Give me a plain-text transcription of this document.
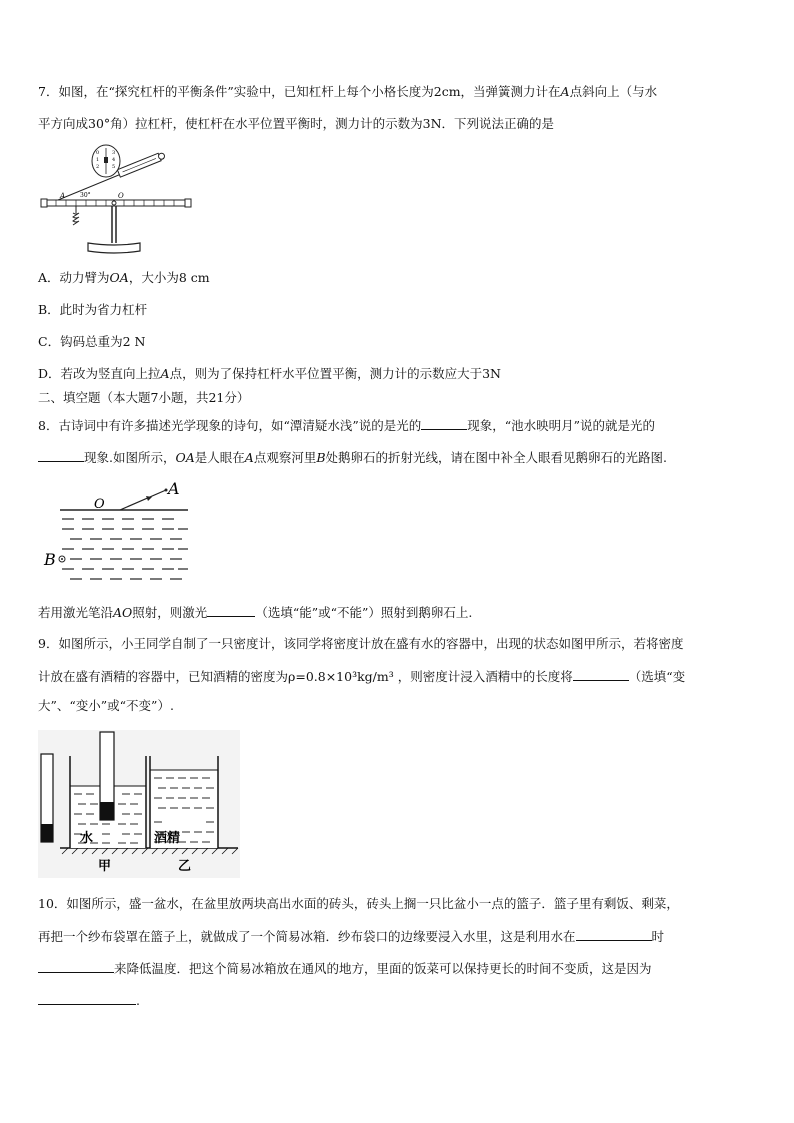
7．如图，在“探究杠杆的平衡条件”实验中，已知杠杆上每个小格长度为2cm，当弹簧测力计在A点斜向上（与水
平方向成30°角）拉杠杆，使杠杆在水平位置平衡时，测力计的示数为3N．下列说法正确的是
0
1
2
3
4
5
A	O
30°
A．动力臂为OA，大小为8 cm
B．此时为省力杠杆
C．钩码总重为2 N
D．若改为竖直向上拉A点，则为了保持杠杆水平位置平衡，测力计的示数应大于3N
二、填空题（本大题7小题，共21分）
8．古诗词中有许多描述光学现象的诗句，如“潭清疑水浅”说的是光的	现象，“池水映明月”说的就是光的
现象.如图所示，OA是人眼在A点观察河里B处鹅卵石的折射光线，请在图中补全人眼看见鹅卵石的光路图.
O
A
B
若用激光笔沿AO照射，则激光	（选填“能”或“不能”）照射到鹅卵石上.
9．如图所示，小王同学自制了一只密度计，该同学将密度计放在盛有水的容器中，出现的状态如图甲所示，若将密度
计放在盛有酒精的容器中，已知酒精的密度为ρ=0.8×10³kg/m³ ，则密度计浸入酒精中的长度将	（选填“变
大”、“变小”或“不变”）.
水	酒精
甲	乙
10．如图所示，盛一盆水，在盆里放两块高出水面的砖头，砖头上搁一只比盆小一点的篮子．篮子里有剩饭、剩菜，
再把一个纱布袋罩在篮子上，就做成了一个简易冰箱．纱布袋口的边缘要浸入水里，这是利用水在	时
来降低温度．把这个简易冰箱放在通风的地方，里面的饭菜可以保持更长的时间不变质，这是因为
.
